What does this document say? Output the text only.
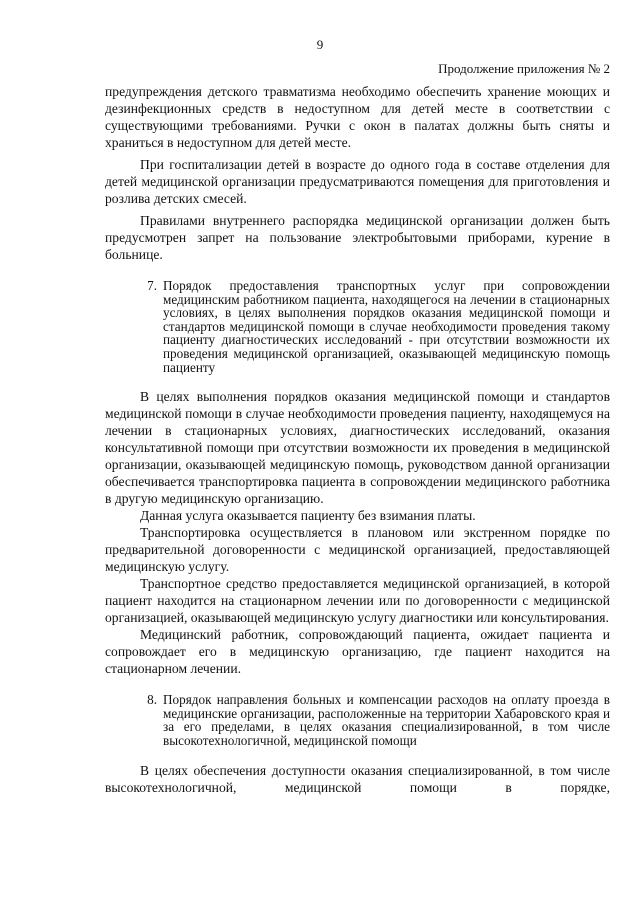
9
Продолжение приложения № 2

предупреждения детского травматизма необходимо обеспечить хранение моющих и дезинфекционных средств в недоступном для детей месте в соответствии с существующими требованиями. Ручки с окон в палатах должны быть сняты и храниться в недоступном для детей месте.

При госпитализации детей в возрасте до одного года в составе отделения для детей медицинской организации предусматриваются помещения для приготовления и розлива детских смесей.

Правилами внутреннего распорядка медицинской организации должен быть предусмотрен запрет на пользование электробытовыми приборами, курение в больнице.

7. Порядок предоставления транспортных услуг при сопровождении медицинским работником пациента, находящегося на лечении в стационарных условиях, в целях выполнения порядков оказания медицинской помощи и стандартов медицинской помощи в случае необходимости проведения такому пациенту диагностических исследований - при отсутствии возможности их проведения медицинской организацией, оказывающей медицинскую помощь пациенту

В целях выполнения порядков оказания медицинской помощи и стандартов медицинской помощи в случае необходимости проведения пациенту, находящемуся на лечении в стационарных условиях, диагностических исследований, оказания консультативной помощи при отсутствии возможности их проведения в медицинской организации, оказывающей медицинскую помощь, руководством данной организации обеспечивается транспортировка пациента в сопровождении медицинского работника в другую медицинскую организацию.

Данная услуга оказывается пациенту без взимания платы.

Транспортировка осуществляется в плановом или экстренном порядке по предварительной договоренности с медицинской организацией, предоставляющей медицинскую услугу.

Транспортное средство предоставляется медицинской организацией, в которой пациент находится на стационарном лечении или по договоренности с медицинской организацией, оказывающей медицинскую услугу диагностики или консультирования.

Медицинский работник, сопровождающий пациента, ожидает пациента и сопровождает его в медицинскую организацию, где пациент находится на стационарном лечении.

8. Порядок направления больных и компенсации расходов на оплату проезда в медицинские организации, расположенные на территории Хабаровского края и за его пределами, в целях оказания специализированной, в том числе высокотехнологичной, медицинской помощи

В целях обеспечения доступности оказания специализированной, в том числе высокотехнологичной, медицинской помощи в порядке,
